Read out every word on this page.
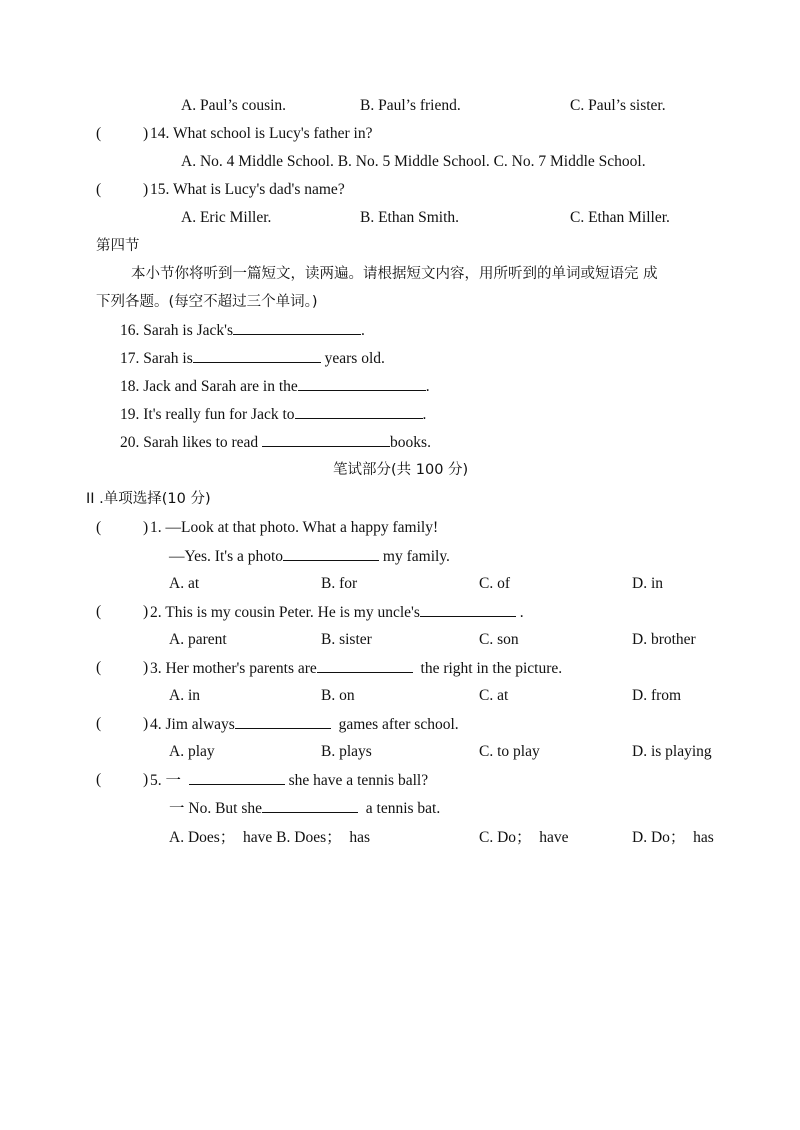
A. Paul’s cousin.	B. Paul’s friend.	C. Paul’s sister.
(	) 14. What school is Lucy's father in?
A. No. 4 Middle School. B. No. 5 Middle School. C. No. 7 Middle School.
(	) 15. What is Lucy's dad's name?
A. Eric Miller.	B. Ethan Smith.	C. Ethan Miller.
第四节
本小节你将听到一篇短文，读两遍。请根据短文内容，用所听到的单词或短语完 成
下列各题。(每空不超过三个单词。)
16. Sarah is Jack's	.
17. Sarah is	years old.
18. Jack and Sarah are in the	.
19. It's really fun for Jack to	.
20. Sarah likes to read	books.
笔试部分(共 100 分)
II .单项选择(10 分)
(	) 1. —Look at that photo. What a happy family!
—Yes. It's a photo	my family.
A. at	B. for	C. of	D. in
(	) 2. This is my cousin Peter. He is my uncle's	.
A. parent	B. sister	C. son	D. brother
(	) 3. Her mother's parents are	the right in the picture.
A. in	B. on	C. at	D. from
(	) 4. Jim always	games after school.
A. play	B. plays	C. to play	D. is playing
(	) 5. 一	she have a tennis ball?
一 No. But she	a tennis bat.
A. Does；  have B. Does；  has	C. Do；  have	D. Do；  has
